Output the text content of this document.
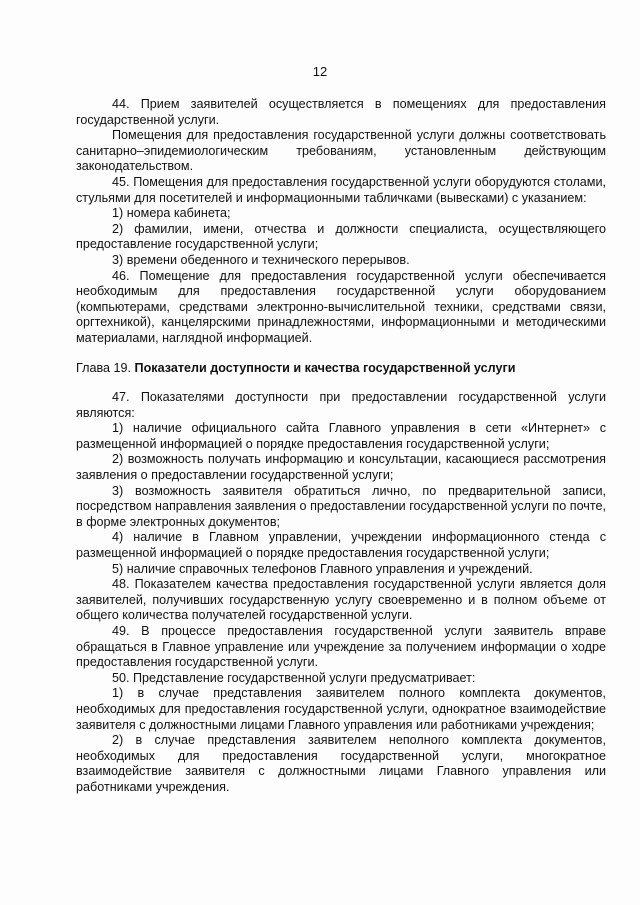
12

44. Прием заявителей осуществляется в помещениях для предоставления государственной услуги.

Помещения для предоставления государственной услуги должны соответствовать санитарно–эпидемиологическим требованиям, установленным действующим законодательством.

45. Помещения для предоставления государственной услуги оборудуются столами, стульями для посетителей и информационными табличками (вывесками) с указанием:

1) номера кабинета;

2) фамилии, имени, отчества и должности специалиста, осуществляющего предоставление государственной услуги;

3) времени обеденного и технического перерывов.

46. Помещение для предоставления государственной услуги обеспечивается необходимым для предоставления государственной услуги оборудованием (компьютерами, средствами электронно-вычислительной техники, средствами связи, оргтехникой), канцелярскими принадлежностями, информационными и методическими материалами, наглядной информацией.

Глава 19. Показатели доступности и качества государственной услуги

47. Показателями доступности при предоставлении государственной услуги являются:

1) наличие официального сайта Главного управления в сети «Интернет» с размещенной информацией о порядке предоставления государственной услуги;

2) возможность получать информацию и консультации, касающиеся рассмотрения заявления о предоставлении государственной услуги;

3) возможность заявителя обратиться лично, по предварительной записи, посредством направления заявления о предоставлении государственной услуги по почте, в форме электронных документов;

4) наличие в Главном управлении, учреждении информационного стенда с размещенной информацией о порядке предоставления государственной услуги;

5) наличие справочных телефонов Главного управления и учреждений.

48. Показателем качества предоставления государственной услуги является доля заявителей, получивших государственную услугу своевременно и в полном объеме от общего количества получателей государственной услуги.

49. В процессе предоставления государственной услуги заявитель вправе обращаться в Главное управление или учреждение за получением информации о ходре предоставления государственной услуги.

50. Представление государственной услуги предусматривает:

1) в случае представления заявителем полного комплекта документов, необходимых для предоставления государственной услуги, однократное взаимодействие заявителя с должностными лицами Главного управления или работниками учреждения;

2) в случае представления заявителем неполного комплекта документов, необходимых для предоставления государственной услуги, многократное взаимодействие заявителя с должностными лицами Главного управления или работниками учреждения.
